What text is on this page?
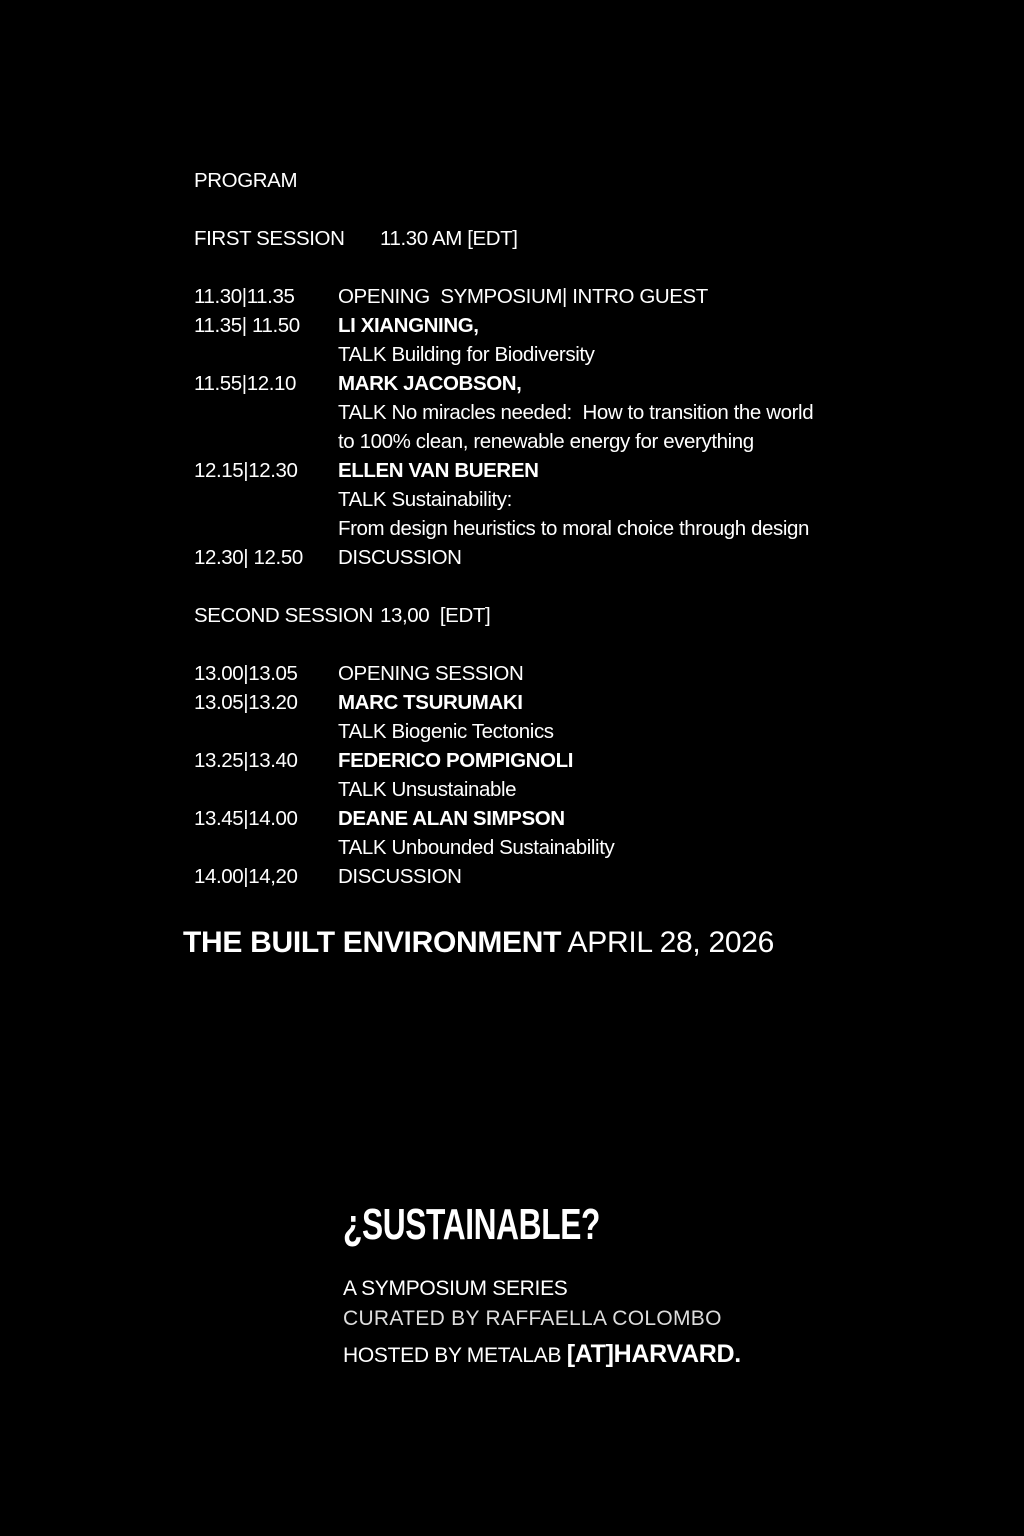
PROGRAM
FIRST SESSION	11.30 AM [EDT]
11.30|11.35	OPENING  SYMPOSIUM| INTRO GUEST
11.35| 11.50	LI XIANGNING,
TALK Building for Biodiversity
11.55|12.10	MARK JACOBSON,
TALK No miracles needed:  How to transition the world
to 100% clean, renewable energy for everything
12.15|12.30	ELLEN VAN BUEREN
TALK Sustainability:
From design heuristics to moral choice through design
12.30| 12.50	DISCUSSION
SECOND SESSION 13,00  [EDT]
13.00|13.05	OPENING SESSION
13.05|13.20	MARC TSURUMAKI
TALK Biogenic Tectonics
13.25|13.40	FEDERICO POMPIGNOLI
TALK Unsustainable
13.45|14.00	DEANE ALAN SIMPSON
TALK Unbounded Sustainability
14.00|14,20	DISCUSSION
THE BUILT ENVIRONMENT APRIL 28, 2026
¿SUSTAINABLE?
A SYMPOSIUM SERIES
CURATED BY RAFFAELLA COLOMBO
HOSTED BY METALAB [AT]HARVARD.
